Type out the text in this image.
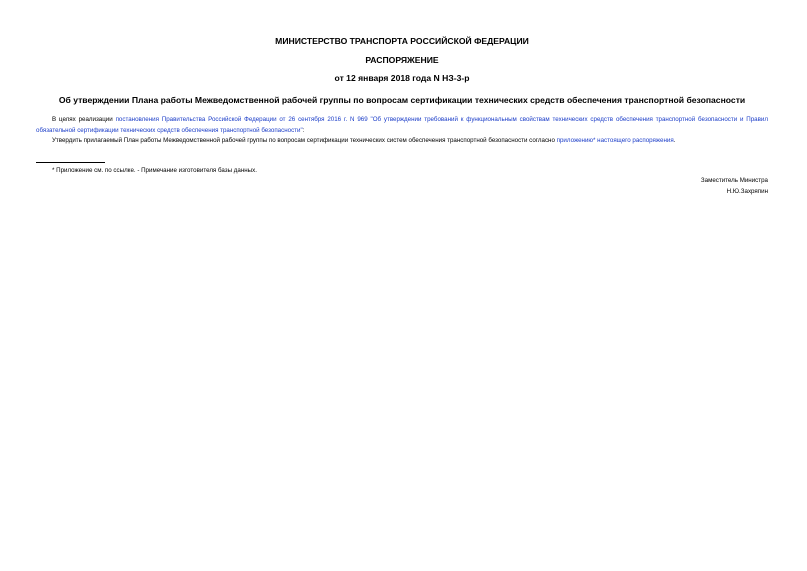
МИНИСТЕРСТВО ТРАНСПОРТА РОССИЙСКОЙ ФЕДЕРАЦИИ
РАСПОРЯЖЕНИЕ
от 12 января 2018 года N НЗ-3-р
Об утверждении Плана работы Межведомственной рабочей группы по вопросам сертификации технических средств обеспечения транспортной безопасности
В целях реализации постановления Правительства Российской Федерации от 26 сентября 2016 г. N 969 "Об утверждении требований к функциональным свойствам технических средств обеспечения транспортной безопасности и Правил обязательной сертификации технических средств обеспечения транспортной безопасности":
Утвердить прилагаемый План работы Межведомственной рабочей группы по вопросам сертификации технических систем обеспечения транспортной безопасности согласно приложению* настоящего распоряжения.
* Приложение см. по ссылке. - Примечание изготовителя базы данных.
Заместитель Министра
Н.Ю.Захряпин
